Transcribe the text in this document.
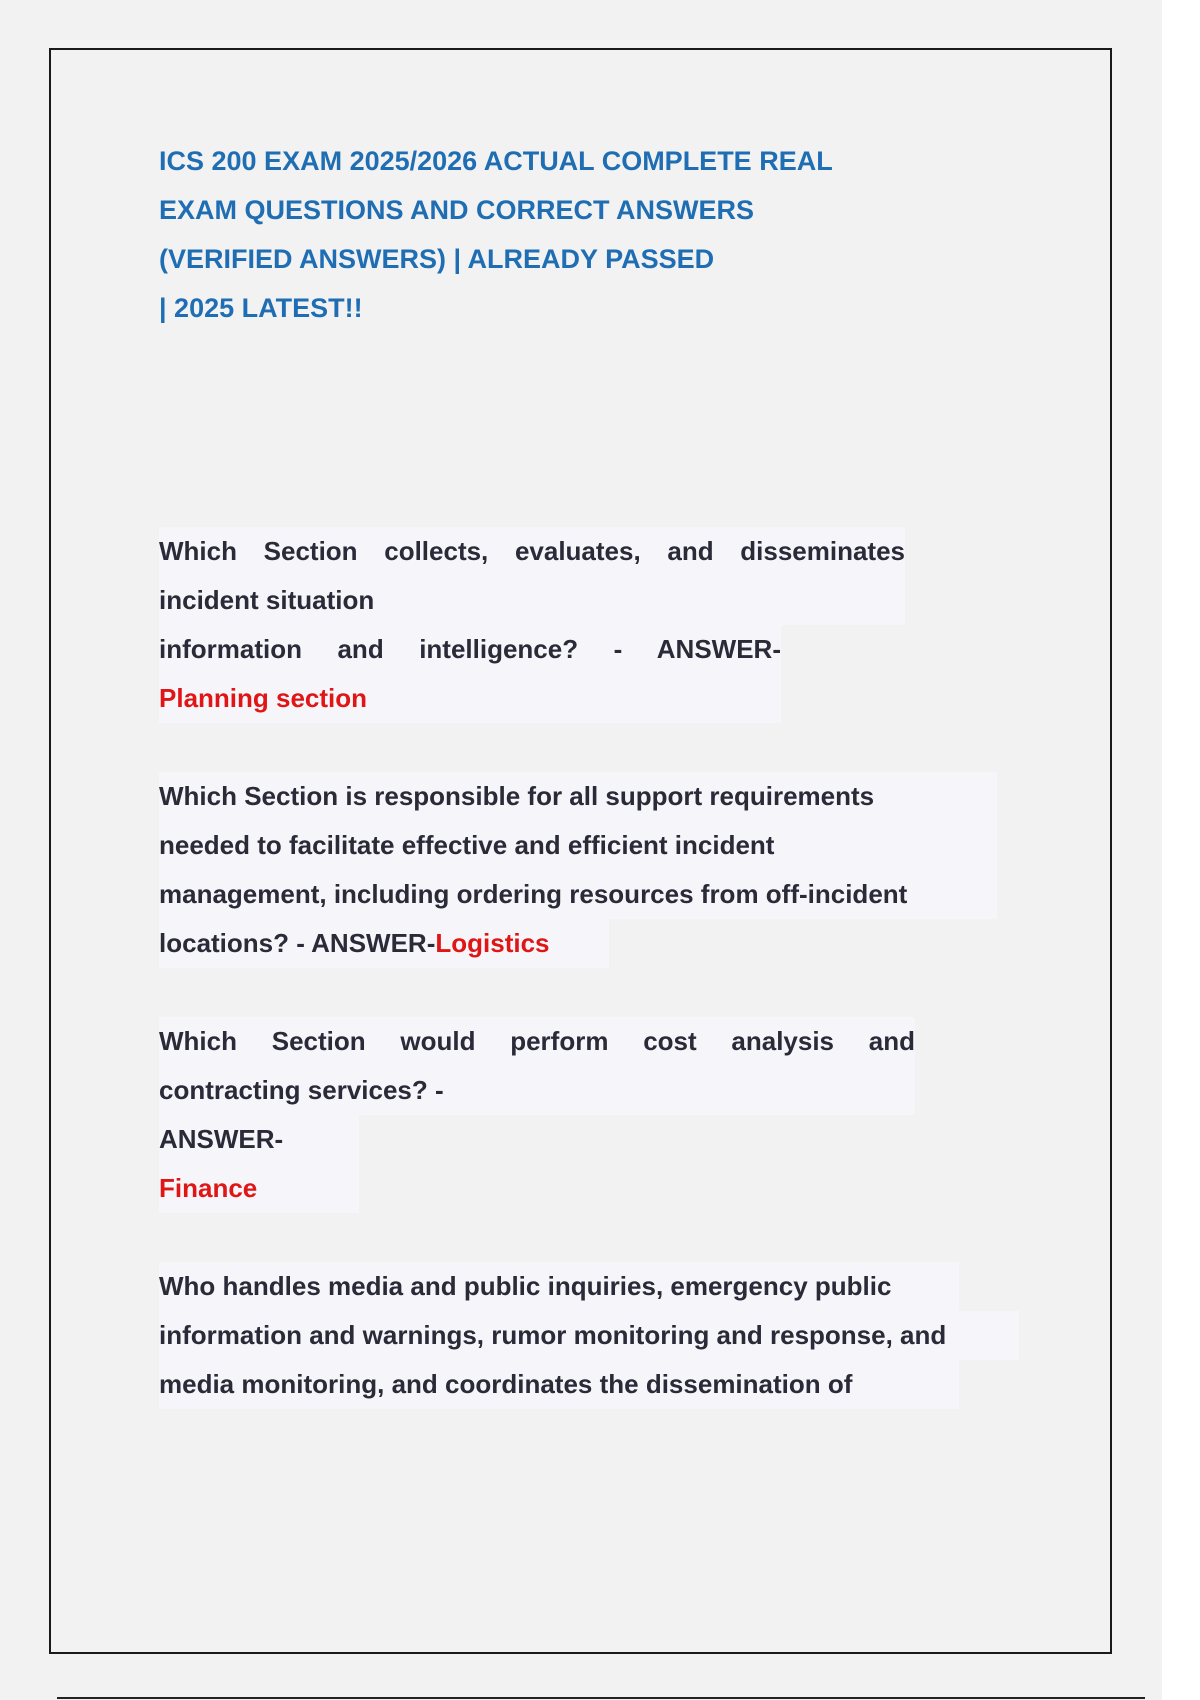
ICS 200 EXAM 2025/2026 ACTUAL COMPLETE REAL
EXAM QUESTIONS AND CORRECT ANSWERS
(VERIFIED ANSWERS) | ALREADY PASSED
| 2025 LATEST!!
Which Section collects, evaluates, and disseminates
incident situation
information and intelligence? - ANSWER-
Planning section
Which Section is responsible for all support requirements
needed to facilitate effective and efficient incident
management, including ordering resources from off-incident
locations? - ANSWER-Logistics
Which Section would perform cost analysis and
contracting services? -
ANSWER-
Finance
Who handles media and public inquiries, emergency public
information and warnings, rumor monitoring and response, and
media monitoring, and coordinates the dissemination of
